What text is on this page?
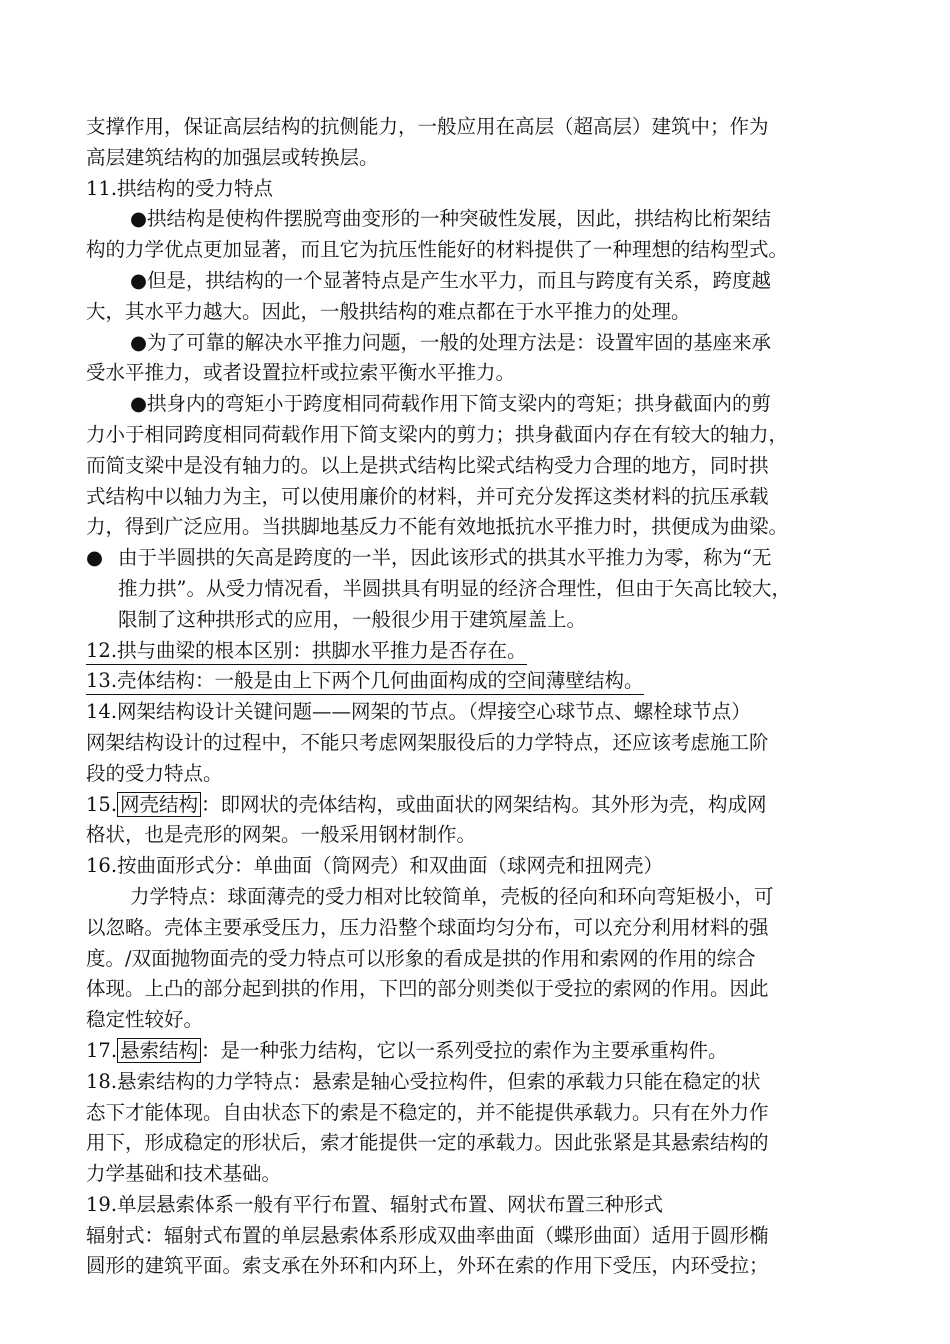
支撑作用，保证高层结构的抗侧能力，一般应用在高层（超高层）建筑中；作为
高层建筑结构的加强层或转换层。
11.拱结构的受力特点
●拱结构是使构件摆脱弯曲变形的一种突破性发展，因此，拱结构比桁架结
构的力学优点更加显著，而且它为抗压性能好的材料提供了一种理想的结构型式。
●但是，拱结构的一个显著特点是产生水平力，而且与跨度有关系，跨度越
大，其水平力越大。因此，一般拱结构的难点都在于水平推力的处理。
●为了可靠的解决水平推力问题，一般的处理方法是：设置牢固的基座来承
受水平推力，或者设置拉杆或拉索平衡水平推力。
●拱身内的弯矩小于跨度相同荷载作用下简支梁内的弯矩；拱身截面内的剪
力小于相同跨度相同荷载作用下简支梁内的剪力；拱身截面内存在有较大的轴力，
而简支梁中是没有轴力的。以上是拱式结构比梁式结构受力合理的地方，同时拱
式结构中以轴力为主，可以使用廉价的材料，并可充分发挥这类材料的抗压承载
力，得到广泛应用。当拱脚地基反力不能有效地抵抗水平推力时，拱便成为曲梁。
● 由于半圆拱的矢高是跨度的一半，因此该形式的拱其水平推力为零，称为“无
推力拱”。从受力情况看，半圆拱具有明显的经济合理性，但由于矢高比较大，
限制了这种拱形式的应用，一般很少用于建筑屋盖上。
12.拱与曲梁的根本区别：拱脚水平推力是否存在。
13.壳体结构：一般是由上下两个几何曲面构成的空间薄壁结构。
14.网架结构设计关键问题——网架的节点。（焊接空心球节点、螺栓球节点）
网架结构设计的过程中，不能只考虑网架服役后的力学特点，还应该考虑施工阶
段的受力特点。
15. 网壳结构 ：即网状的壳体结构，或曲面状的网架结构。其外形为壳，构成网
格状，也是壳形的网架。一般采用钢材制作。
16.按曲面形式分：单曲面（筒网壳）和双曲面（球网壳和扭网壳）
力学特点：球面薄壳的受力相对比较简单，壳板的径向和环向弯矩极小，可
以忽略。壳体主要承受压力，压力沿整个球面均匀分布，可以充分利用材料的强
度。/双面抛物面壳的受力特点可以形象的看成是拱的作用和索网的作用的综合
体现。上凸的部分起到拱的作用，下凹的部分则类似于受拉的索网的作用。因此
稳定性较好。
17. 悬索结构 ：是一种张力结构，它以一系列受拉的索作为主要承重构件。
18.悬索结构的力学特点：悬索是轴心受拉构件，但索的承载力只能在稳定的状
态下才能体现。自由状态下的索是不稳定的，并不能提供承载力。只有在外力作
用下，形成稳定的形状后，索才能提供一定的承载力。因此张紧是其悬索结构的
力学基础和技术基础。
19.单层悬索体系一般有平行布置、辐射式布置、网状布置三种形式
辐射式：辐射式布置的单层悬索体系形成双曲率曲面（蝶形曲面）适用于圆形椭
圆形的建筑平面。索支承在外环和内环上，外环在索的作用下受压，内环受拉；
